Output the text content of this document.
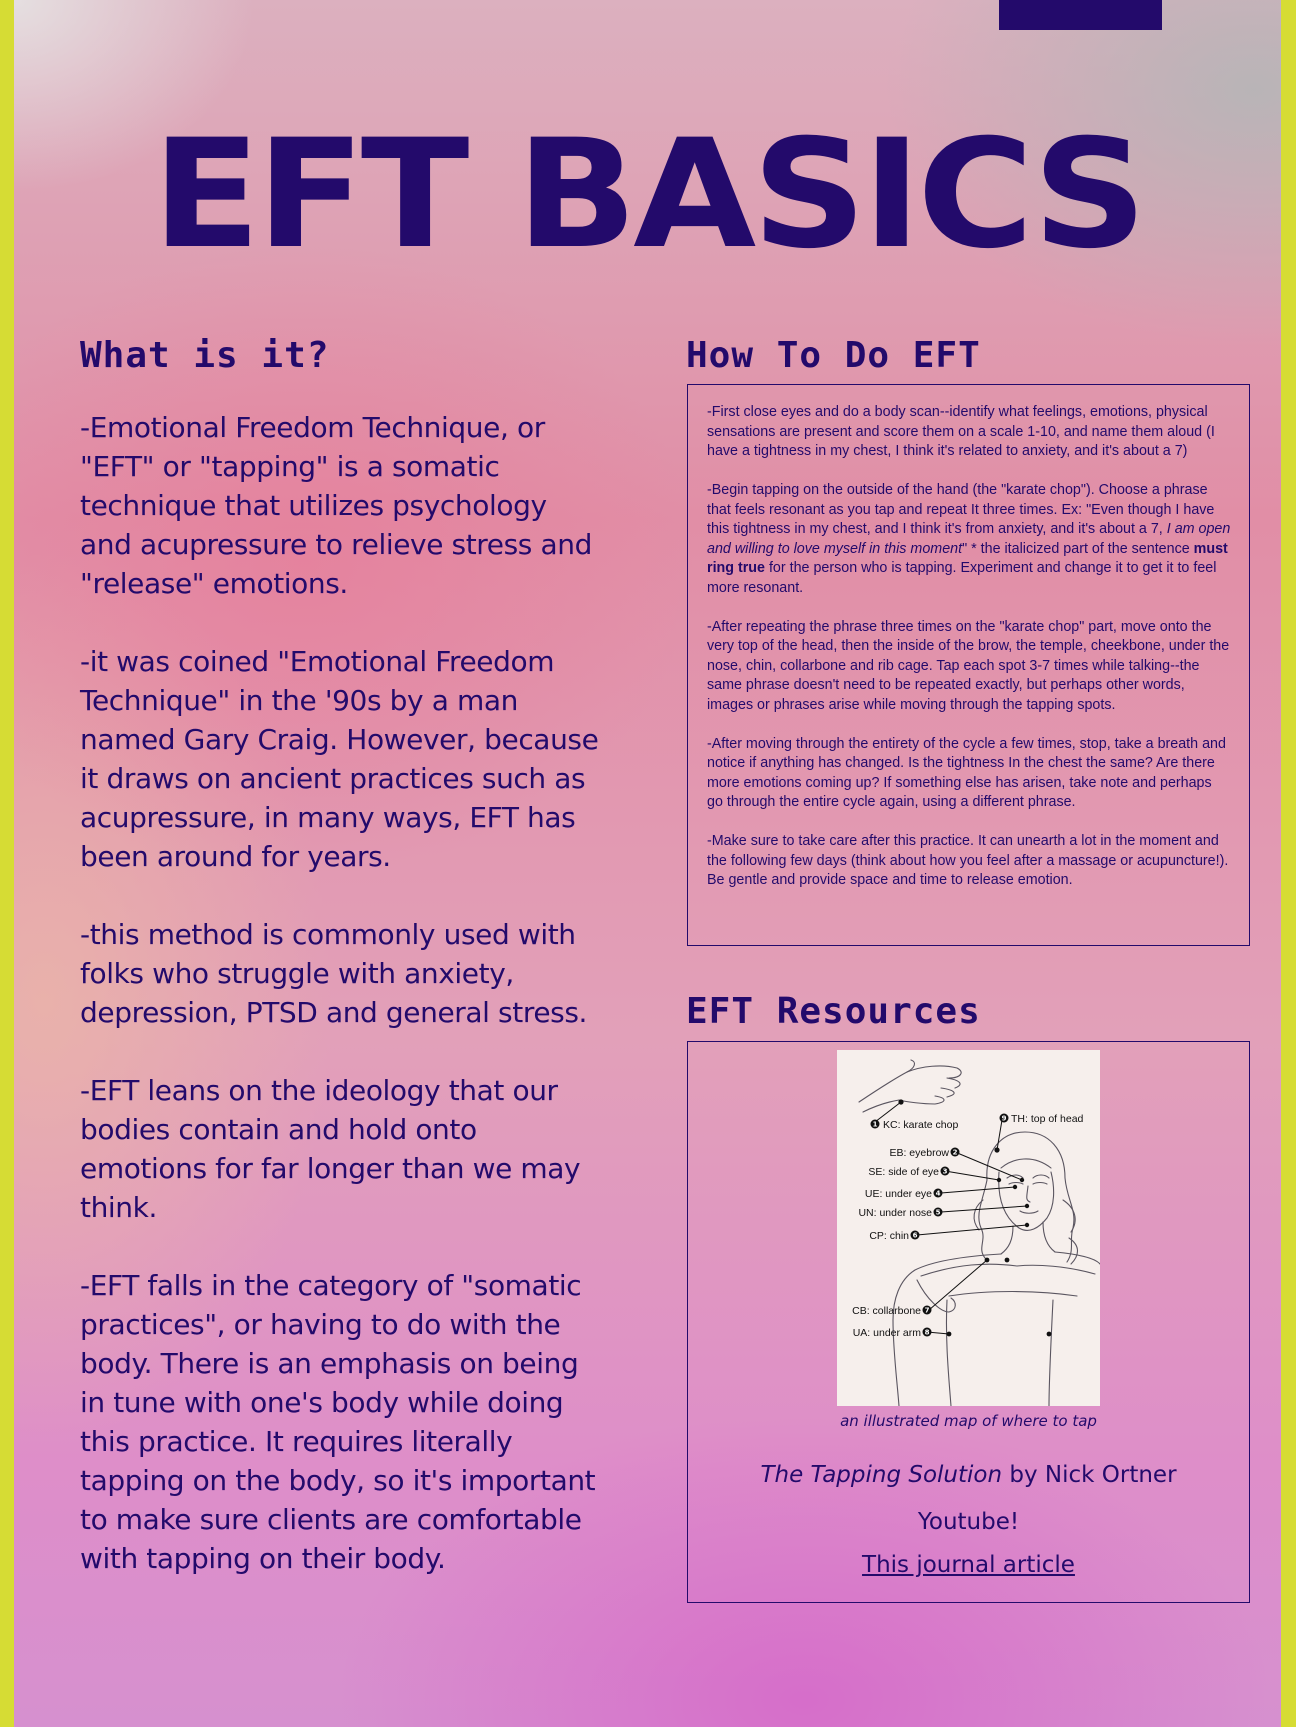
EFT BASICS
What is it?

-Emotional Freedom Technique, or "EFT" or "tapping" is a somatic technique that utilizes psychology and acupressure to relieve stress and "release" emotions.

-it was coined "Emotional Freedom Technique" in the '90s by a man named Gary Craig. However, because it draws on ancient practices such as acupressure, in many ways, EFT has been around for years.

-this method is commonly used with folks who struggle with anxiety, depression, PTSD and general stress.

-EFT leans on the ideology that our bodies contain and hold onto emotions for far longer than we may think.

-EFT falls in the category of "somatic practices", or having to do with the body. There is an emphasis on being in tune with one's body while doing this practice. It requires literally tapping on the body, so it's important to make sure clients are comfortable with tapping on their body.

How To Do EFT

-First close eyes and do a body scan--identify what feelings, emotions, physical sensations are present and score them on a scale 1-10, and name them aloud (I have a tightness in my chest, I think it's related to anxiety, and it's about a 7)

-Begin tapping on the outside of the hand (the "karate chop"). Choose a phrase that feels resonant as you tap and repeat It three times. Ex: "Even though I have this tightness in my chest, and I think it's from anxiety, and it's about a 7, I am open and willing to love myself in this moment" * the italicized part of the sentence must ring true for the person who is tapping. Experiment and change it to get it to feel more resonant.

-After repeating the phrase three times on the "karate chop" part, move onto the very top of the head, then the inside of the brow, the temple, cheekbone, under the nose, chin, collarbone and rib cage. Tap each spot 3-7 times while talking--the same phrase doesn't need to be repeated exactly, but perhaps other words, images or phrases arise while moving through the tapping spots.

-After moving through the entirety of the cycle a few times, stop, take a breath and notice if anything has changed. Is the tightness In the chest the same? Are there more emotions coming up? If something else has arisen, take note and perhaps go through the entire cycle again, using a different phrase.

-Make sure to take care after this practice. It can unearth a lot in the moment and the following few days (think about how you feel after a massage or acupuncture!). Be gentle and provide space and time to release emotion.

EFT Resources
1
9
2
3
4
5
6
7
8
KC: karate chop	TH: top of head
EB: eyebrow
SE: side of eye
UE: under eye
UN: under nose
CP: chin
CB: collarbone
UA: under arm
an illustrated map of where to tap
The Tapping Solution by Nick Ortner
Youtube!
This journal article
